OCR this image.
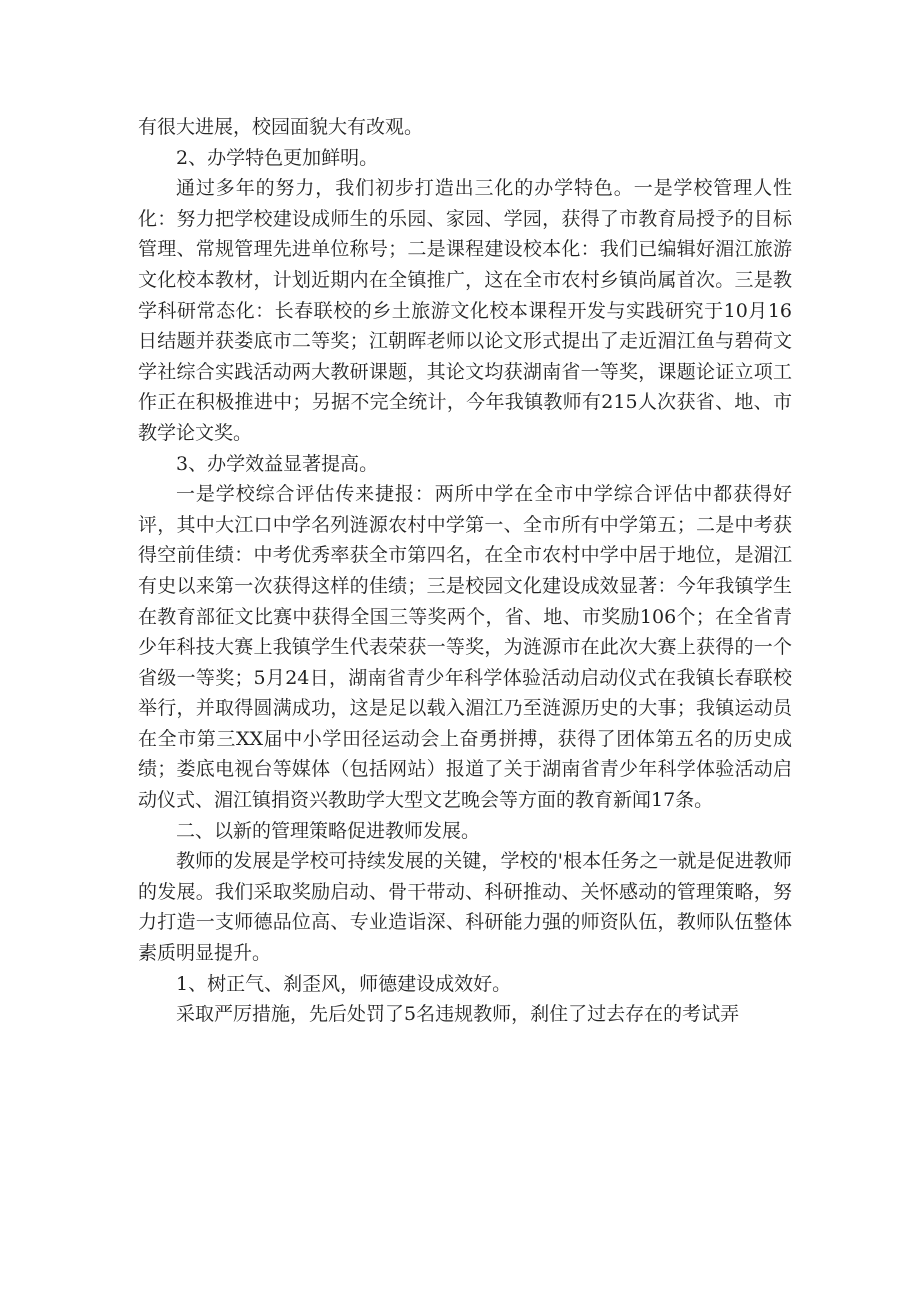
有很大进展，校园面貌大有改观。

2、办学特色更加鲜明。

通过多年的努力，我们初步打造出三化的办学特色。一是学校管理人性化：努力把学校建设成师生的乐园、家园、学园，获得了市教育局授予的目标管理、常规管理先进单位称号；二是课程建设校本化：我们已编辑好湄江旅游文化校本教材，计划近期内在全镇推广，这在全市农村乡镇尚属首次。三是教学科研常态化：长春联校的乡土旅游文化校本课程开发与实践研究于10月16日结题并获娄底市二等奖；江朝晖老师以论文形式提出了走近湄江鱼与碧荷文学社综合实践活动两大教研课题，其论文均获湖南省一等奖，课题论证立项工作正在积极推进中；另据不完全统计，今年我镇教师有215人次获省、地、市教学论文奖。

3、办学效益显著提高。

一是学校综合评估传来捷报：两所中学在全市中学综合评估中都获得好评，其中大江口中学名列涟源农村中学第一、全市所有中学第五；二是中考获得空前佳绩：中考优秀率获全市第四名，在全市农村中学中居于地位，是湄江有史以来第一次获得这样的佳绩；三是校园文化建设成效显著：今年我镇学生在教育部征文比赛中获得全国三等奖两个，省、地、市奖励106个；在全省青少年科技大赛上我镇学生代表荣获一等奖，为涟源市在此次大赛上获得的一个省级一等奖；5月24日，湖南省青少年科学体验活动启动仪式在我镇长春联校举行，并取得圆满成功，这是足以载入湄江乃至涟源历史的大事；我镇运动员在全市第三XX届中小学田径运动会上奋勇拼搏，获得了团体第五名的历史成绩；娄底电视台等媒体（包括网站）报道了关于湖南省青少年科学体验活动启动仪式、湄江镇捐资兴教助学大型文艺晚会等方面的教育新闻17条。

二、以新的管理策略促进教师发展。

教师的发展是学校可持续发展的关键，学校的'根本任务之一就是促进教师的发展。我们采取奖励启动、骨干带动、科研推动、关怀感动的管理策略，努力打造一支师德品位高、专业造诣深、科研能力强的师资队伍，教师队伍整体素质明显提升。

1、树正气、刹歪风，师德建设成效好。

采取严厉措施，先后处罚了5名违规教师，刹住了过去存在的考试弄
